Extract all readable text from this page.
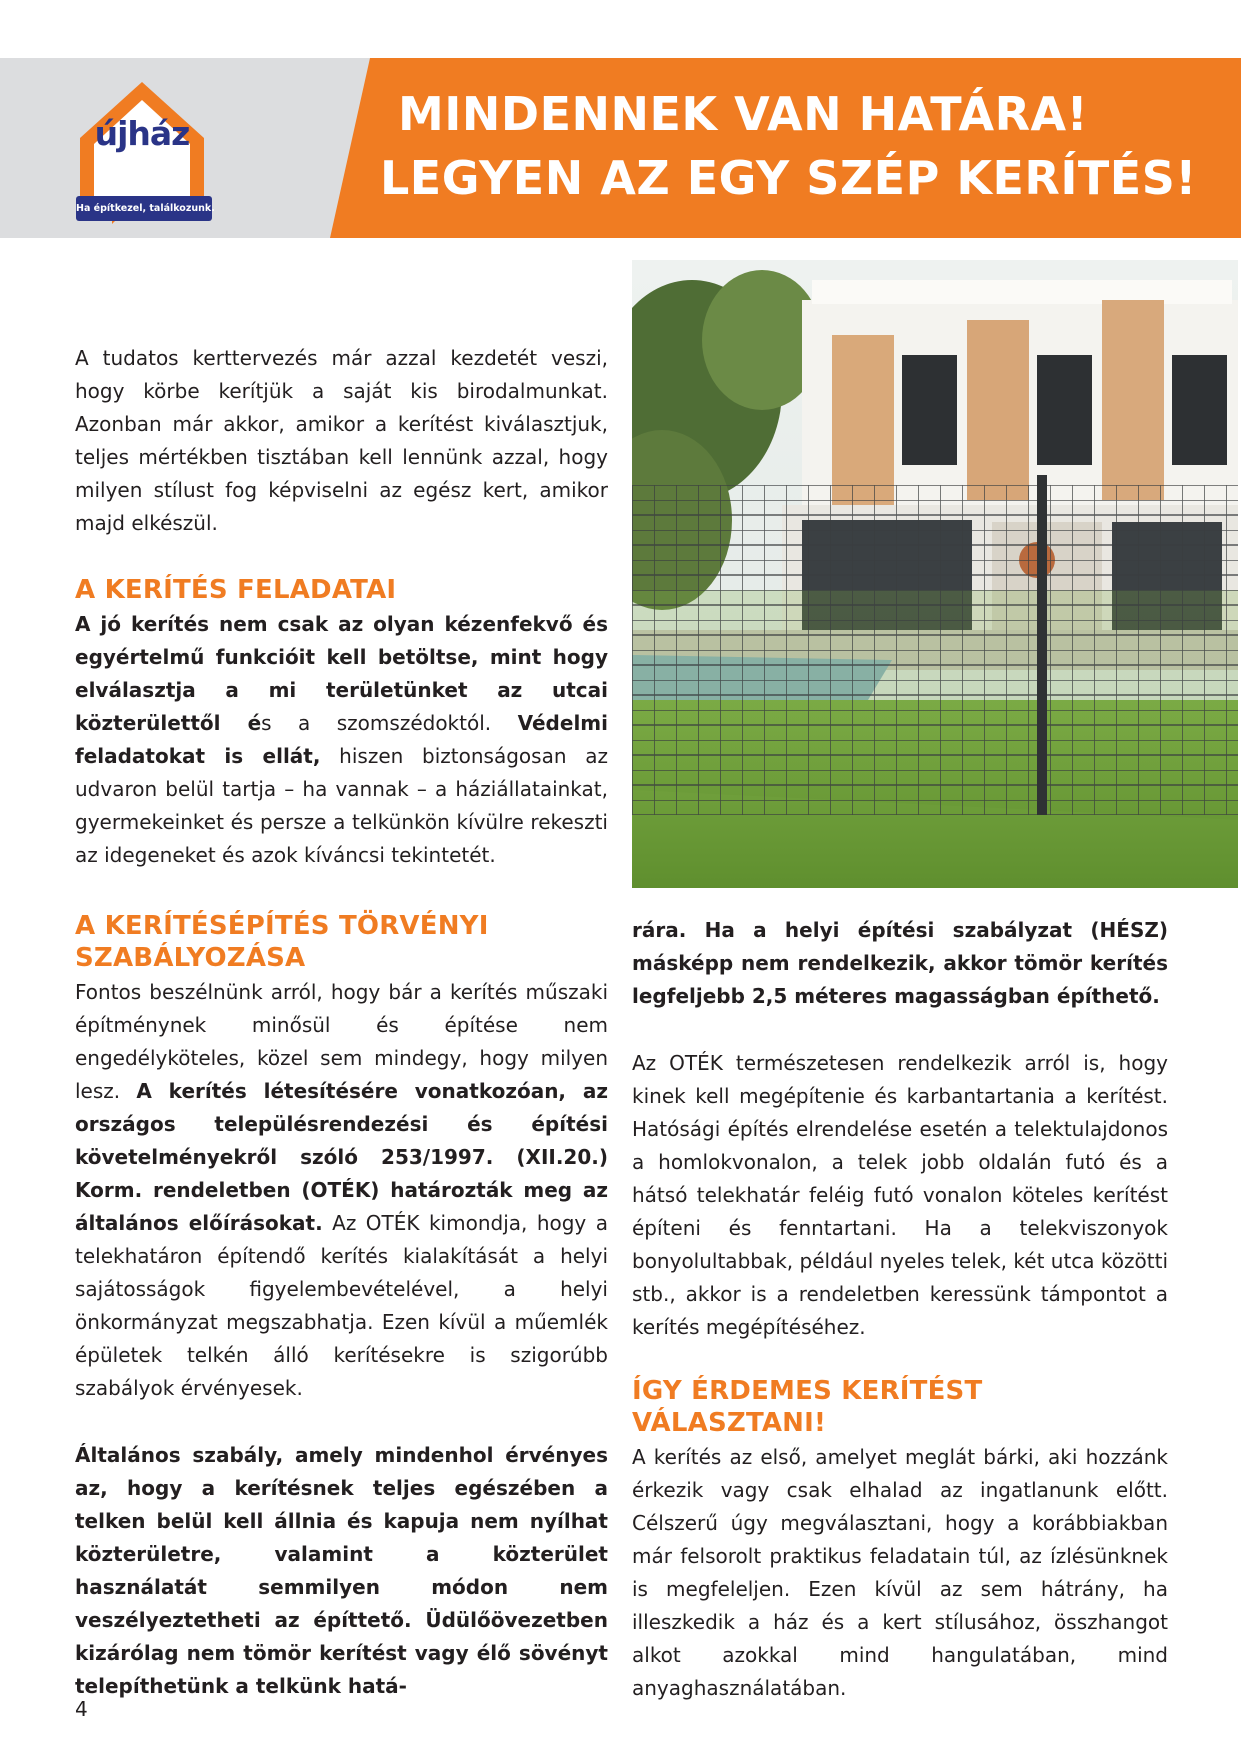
MINDENNEK VAN HATÁRA!
LEGYEN AZ EGY SZÉP KERÍTÉS!
újház
Ha építkezel, találkozunk.

A tudatos kerttervezés már azzal kezdetét veszi, hogy körbe kerítjük a saját kis birodalmunkat. Azonban már akkor, amikor a kerítést kiválasztjuk, teljes mértékben tisztában kell lennünk azzal, hogy milyen stílust fog képviselni az egész kert, amikor majd elkészül.

A KERÍTÉS FELADATAI

A jó kerítés nem csak az olyan kézenfekvő és egyértelmű funkcióit kell betöltse, mint hogy elválasztja a mi területünket az utcai közterülettől és a szomszédoktól. Védelmi feladatokat is ellát, hiszen biztonságosan az udvaron belül tartja – ha vannak – a háziállatainkat, gyermekeinket és persze a telkünkön kívülre rekeszti az idegeneket és azok kíváncsi tekintetét.

A KERÍTÉSÉPÍTÉS TÖRVÉNYI
SZABÁLYOZÁSA

Fontos beszélnünk arról, hogy bár a kerítés műszaki építménynek minősül és építése nem engedélyköteles, közel sem mindegy, hogy milyen lesz. A kerítés létesítésére vonatkozóan, az országos településrendezési és építési követelményekről szóló 253/1997. (XII.20.) Korm. rendeletben (OTÉK) határozták meg az általános előírásokat. Az OTÉK kimondja, hogy a telekhatáron építendő kerítés kialakítását a helyi sajátosságok figyelembevételével, a helyi önkormányzat megszabhatja. Ezen kívül a műemlék épületek telkén álló kerítésekre is szigorúbb szabályok érvényesek.

Általános szabály, amely mindenhol érvényes az, hogy a kerítésnek teljes egészében a telken belül kell állnia és kapuja nem nyílhat közterületre, valamint a közterület használatát semmilyen módon nem veszélyeztetheti az építtető. Üdülőövezetben kizárólag nem tömör kerítést vagy élő sövényt telepíthetünk a telkünk hatá-

rára. Ha a helyi építési szabályzat (HÉSZ) másképp nem rendelkezik, akkor tömör kerítés legfeljebb 2,5 méteres magasságban építhető.

Az OTÉK természetesen rendelkezik arról is, hogy kinek kell megépítenie és karbantartania a kerítést. Hatósági építés elrendelése esetén a telektulajdonos a homlokvonalon, a telek jobb oldalán futó és a hátsó telekhatár feléig futó vonalon köteles kerítést építeni és fenntartani. Ha a telekviszonyok bonyolultabbak, például nyeles telek, két utca közötti stb., akkor is a rendeletben keressünk támpontot a kerítés megépítéséhez.

ÍGY ÉRDEMES KERÍTÉST VÁLASZTANI!

A kerítés az első, amelyet meglát bárki, aki hozzánk érkezik vagy csak elhalad az ingatlanunk előtt. Célszerű úgy megválasztani, hogy a korábbiakban már felsorolt praktikus feladatain túl, az ízlésünknek is megfeleljen. Ezen kívül az sem hátrány, ha illeszkedik a ház és a kert stílusához, összhangot alkot azokkal mind hangulatában, mind anyaghasználatában.

4
